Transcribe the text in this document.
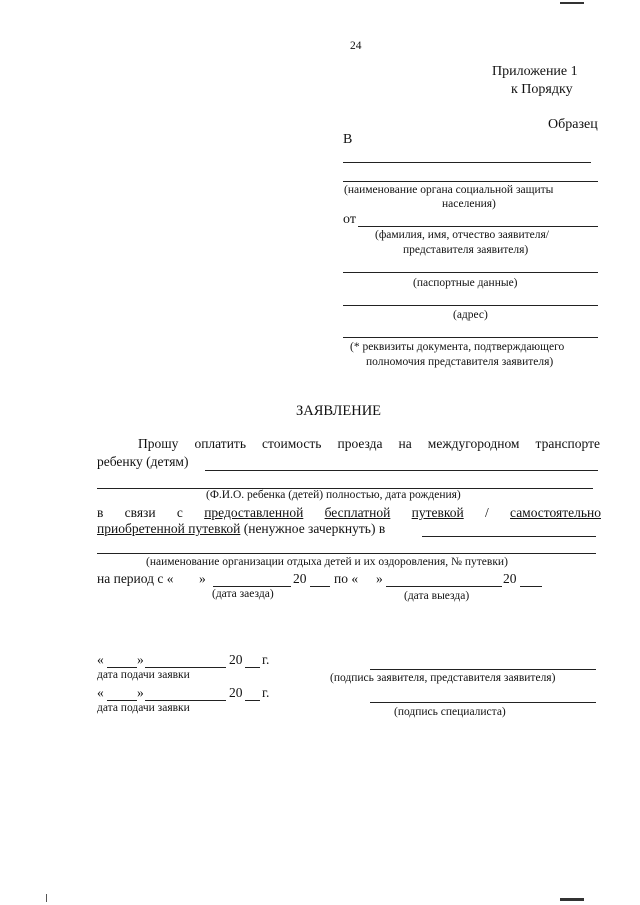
24
Приложение 1
к Порядку
Образец
В
(наименование органа социальной защиты
населения)
от
(фамилия, имя, отчество заявителя/
представителя заявителя)
(паспортные данные)
(адрес)
(* реквизиты документа, подтверждающего
полномочия представителя заявителя)
ЗАЯВЛЕНИЕ
Прошу оплатить стоимость проезда на междугородном транспорте
ребенку (детям)
(Ф.И.О. ребенка (детей) полностью, дата рождения)
в связи с предоставленной бесплатной путевкой / самостоятельно
приобретенной путевкой (ненужное зачеркнуть) в
(наименование организации отдыха детей и их оздоровления, № путевки)
на период с « »	20 по « »	20
(дата заезда)	(дата выезда)
« »	20 г.
дата подачи заявки	(подпись заявителя, представителя заявителя)
« »	20 г.
дата подачи заявки	(подпись специалиста)
